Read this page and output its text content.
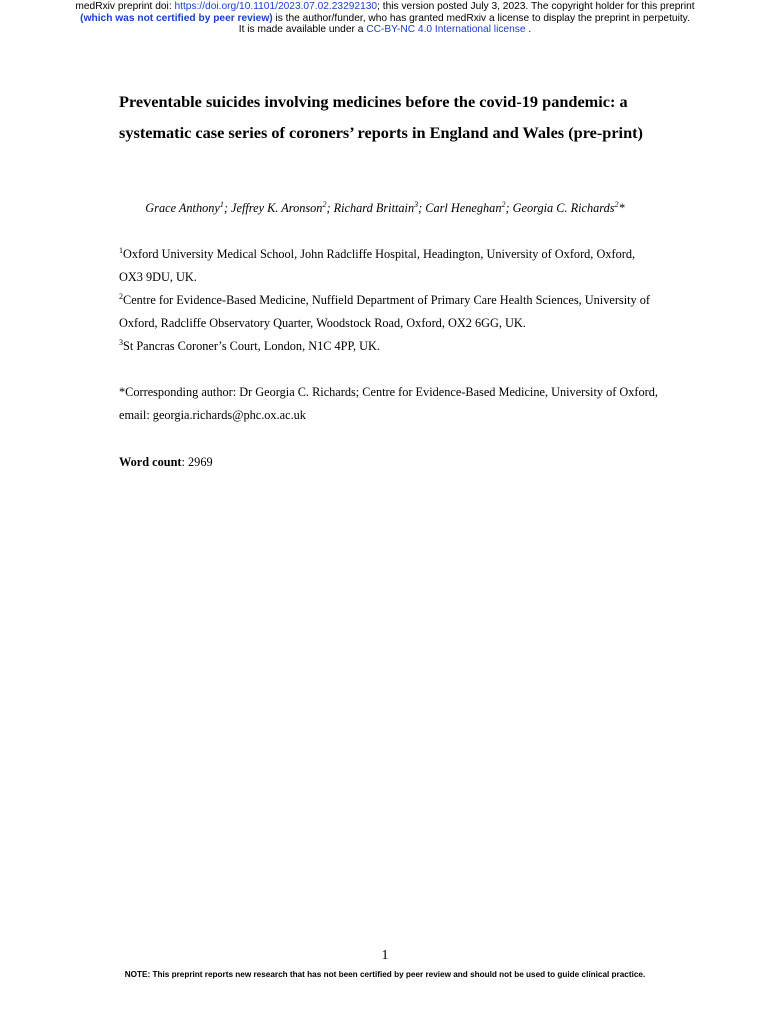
medRxiv preprint doi: https://doi.org/10.1101/2023.07.02.23292130; this version posted July 3, 2023. The copyright holder for this preprint
(which was not certified by peer review) is the author/funder, who has granted medRxiv a license to display the preprint in perpetuity.
It is made available under a CC-BY-NC 4.0 International license .
Preventable suicides involving medicines before the covid-19 pandemic: a systematic case series of coroners’ reports in England and Wales (pre-print)
Grace Anthony$^1$; Jeffrey K. Aronson$^2$; Richard Brittain$^3$; Carl Heneghan$^2$; Georgia C. Richards$^2$*
$^1$Oxford University Medical School, John Radcliffe Hospital, Headington, University of Oxford, Oxford, OX3 9DU, UK.
$^2$Centre for Evidence-Based Medicine, Nuffield Department of Primary Care Health Sciences, University of Oxford, Radcliffe Observatory Quarter, Woodstock Road, Oxford, OX2 6GG, UK.
$^3$St Pancras Coroner’s Court, London, N1C 4PP, UK.
*Corresponding author: Dr Georgia C. Richards; Centre for Evidence-Based Medicine, University of Oxford, email: georgia.richards@phc.ox.ac.uk
Word count: 2969
1
NOTE: This preprint reports new research that has not been certified by peer review and should not be used to guide clinical practice.
